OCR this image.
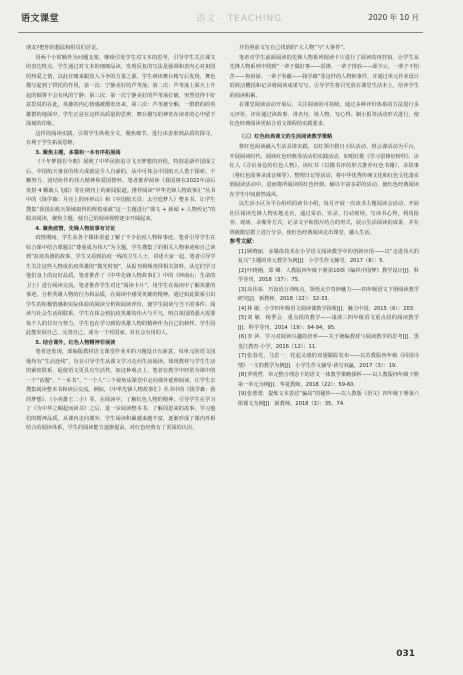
语文课堂	语文 · TEACHING	2020 年 10 月

朋友?把你的想法和组员们讨论。

用两个小时额外为问题支架，继续引发学生对文本的思考，引导学生关注课文的表达特点。学生通过对文本的细细品读，发现反复的写法是强调和表内心对祖国的热爱之情，以此在赌来跟放入斗争的力量之源。学生研读舞台精写后发现，舞色描写起到了烘托的作用，第一次：宁静美好的芦苇荡；第二次：芦苇荡上面天上升起的烟雾不会有风的宁静；第三次：第一次宁静美好的芦苇荡打破，突然觉得不好意思说的在此。英雄的内心情感被激发出来。第三次：芦苇被分解，一群群的的英雄群的地面中。学生正是在这样高质量的思辨，舞台描写的神奇在读者的心中留下深刻的印象。

这样的阅读实践，引领学生纵观全文，聚焦细节，进行由表象到品质的探寻，有利于学生拓展思维。

3. 聚焦主题，多篇和一本有序拓展阅

《千年梦圆在今朝》展现了中华民族追寻飞天梦想的历程，特别是新中国成立后，中国航天事业的伟大成就是令人自豪的，从中可体会中国航天人勇于探索、不懈努力、团结协作的伟大精神和爱国情怀。笔者推荐阅读《我国将在2022年前后发射 4 颗载人飞船》等在期刊上的新闻报道。推荐阅读“中华先锋人物故事汇”丛书中的《钱学森：月亮上的环形山》和《中国航天员：太空追梦人》整本书。让学生搜集“我国在航天领域取得的辉煌成就”这一主题进行“课文 + 新闻 + 人物传记”的联动阅读，聚焦主题，使自己的阅读视野逐步开阔起来。

4. 聚焦疫情，先锋人物故事有讨论

疫情期间，学生从各个媒体渠道了解了不少抗疫人物和事迹。笔者引导学生在综合课中结合课题以“尊重成为伟大”为主题，学生搜集了的相关人物事迹和自己读到“抗疫英雄的故事，学生又看到抗疫一线的卫生人士，讲述大家一起。笔者引导学生关注这些人物或抗疫英雄的“微光时刻”，从报刊视频查找相关资料。从它们学习他们身上的良好品质。笔者推荐了《中华先锋人物故事汇》中的《钟南山：生命的卫士》进行阅读交流，笔者推荐学生对比“阅读卡片”，用学生在阅读中了解英雄的事迹、分析英雄人物的行为和品质，在阅读中感受英雄的精神。通过如此联系引出学生的积极情感和实际体验的阅读分析和阅读评价，使学生阅读与当下的事件、阅读与社会生活相联系，学生在体会到抗疫英雄的伟大与平凡，明白祖国的强大需要每个人的付出与努力。学生也在学习到的英雄人物的精神作为自己的榜样。学生因此能发展自己、完善自己，成为一个对国家、对社会有用的人。

5. 结合课外，红色人物精神非展读

笔者还发现，部编版教材语文课堂作业本的习题设计有新意，每单元的语文园地均有“生活连线”，旨在引导学生从课文学习走向生活阅读。体现教材与学生生活的紧密联系，促使语文更具有生活性。如这种观点上，笔者在教学中经常为课中的一个“话题”、“一本书”、“一个人”三个视角从课堂中走向课外延伸阅读。让学生去搜集阅读整本书和读后交流。例如，《中华先锋人物故事汇》丛书中的《钱学森：我的梦想》、《小英雄王二小》等。在阅读中，了解红色人物的精神。引导学生在学习了《为中华之崛起而读书》之后，进一步阅读整本书，了解周恩来的故事，学习他们的精神品质。从课内走向课外，学生阅读积累越来越丰富，逐渐形成了课内外相结合的阅读体系，学生的阅读能力逐渐提高，对红色经典有了更深的认识。

并仿照前文写自己找到的“大人物”与“大事件”。

笔者对学生前面阅读的先锋人物系列阅读卡片进行了阅读的再挂钩，让学生从先锋人物系列中找到“一辈子做好事——雷锋、一辈子排放——邱少云、一辈子不怕苦——焦裕禄、一辈子奉献——钱学森”等这样的人物和事件，并通过单元作业设计的简洁概括和记录将阅读成果写写，引导学生将目光放在课堂生活本上，培养学生的阅读积累。

在课堂阅读活动开展后，关注阅读的可持续，通过多种评价体系的方法进行多元评价，评价通过读故事、讲名句、谈人物、写心得、制小报等活动形式进行，使红色经典阅读更贴合语文课程的实践要求。

（三）红色经典课文的生活阅读教学策略

将红色阅读融入生活具体实践，以红领巾假日小队活动、班会课活动为平台，开展阅读时代、阅读红色经典等活动的实践活动，如唱红歌《学习雷锋好榜样》、访红人《寻访身边的红色人物》、读红书（以微书评的形式推荐红色书籍）、录故事（将红色故事录成音频等）、整理日记等活动，将中华优秀传统文化和红色文化落实到阅读活动中。进而将所阅读的红色经典，辅以丰富多彩的活动，使红色经典阅读在学生中间蔚然成风。

以生活小区为平台组织的读书小组，每月开展一次读书主题阅读会活动，开展社区阅读先锋人物实地走访，通过采访、实录、行动现场、写读书心得，利用报刊、现场、录像等方式，记录文字和图片结合的形式，展示生活阅读的成果，并在班级微信群上进行分享，使红色经典阅读走出课堂、融入生活。

参考文献：

[1] 顾晓丽．多媒体技术在小学语文阅读教学中的创新应用——以“走进伟大的复兴”主题的单元教学为例[J]．小学生作文辅导，2017（8）：5.

[2] 叶晓刚，郑 卿．人教版四年级下册第10课《编织中国梦》教学设计[J]．科学导刊，2018（37）：75.

[3] 高伟荣．巧设语言训练点，领悟太空奇妙魅力——四年级语文下册阅读教学研究[J]．新教师，2018（22）：32-33.

[4] 林 敏．小学四年级语文阅读课教学探析[J]．魅力中国，2015（6）：203.

[5] 刘 敏．杨季会．重点段的教学——浅谈三四年级语文重点段的阅读教学[J]．科学导刊，2014（19）：94-94，95.

[6] 李 萍．学习对阅读兴趣的培养——关于统编教材与阅读教学的思考[J]．黑龙江教育·小学，2016（12）：11.

[7] 张春光，马思一．托起灵感的双翅跟踪发布——以苏教版四年级《回园诗情》一文的教学为例[J]．小学生作文辅导·读写双赢，2017（3）：19.

[8] 罗明哲．单元整合理念下的语文一体教学策略探析——以人教版四年级下册第一单元为例[J]．华夏教师，2018（22）：59-60.

[9] 张蕾蕾．提炼文本表达“骗局”的秘钞——以人教版《语文》四年级下册第六组课文为例[J]．新教师，2018（3）：35，74.

031
